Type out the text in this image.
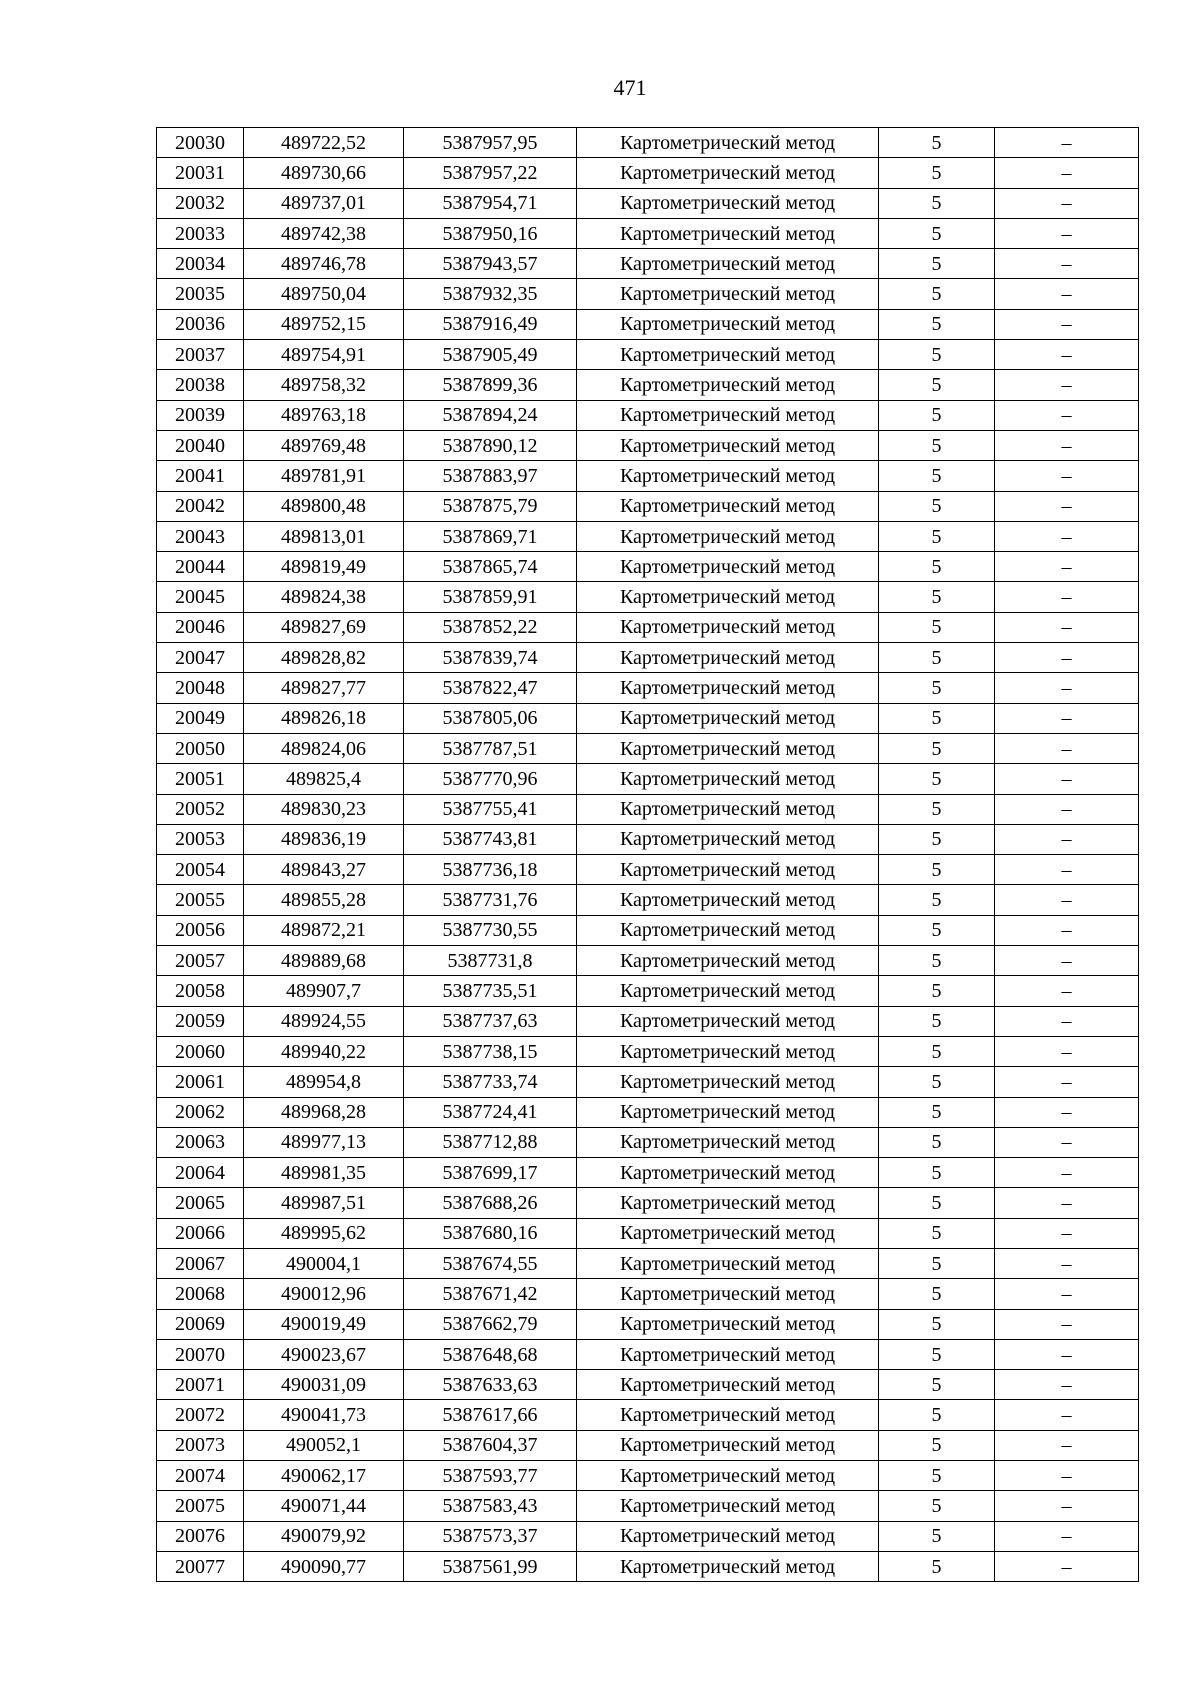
471
20030	489722,52	5387957,95	Картометрический метод	5	–
20031	489730,66	5387957,22	Картометрический метод	5	–
20032	489737,01	5387954,71	Картометрический метод	5	–
20033	489742,38	5387950,16	Картометрический метод	5	–
20034	489746,78	5387943,57	Картометрический метод	5	–
20035	489750,04	5387932,35	Картометрический метод	5	–
20036	489752,15	5387916,49	Картометрический метод	5	–
20037	489754,91	5387905,49	Картометрический метод	5	–
20038	489758,32	5387899,36	Картометрический метод	5	–
20039	489763,18	5387894,24	Картометрический метод	5	–
20040	489769,48	5387890,12	Картометрический метод	5	–
20041	489781,91	5387883,97	Картометрический метод	5	–
20042	489800,48	5387875,79	Картометрический метод	5	–
20043	489813,01	5387869,71	Картометрический метод	5	–
20044	489819,49	5387865,74	Картометрический метод	5	–
20045	489824,38	5387859,91	Картометрический метод	5	–
20046	489827,69	5387852,22	Картометрический метод	5	–
20047	489828,82	5387839,74	Картометрический метод	5	–
20048	489827,77	5387822,47	Картометрический метод	5	–
20049	489826,18	5387805,06	Картометрический метод	5	–
20050	489824,06	5387787,51	Картометрический метод	5	–
20051	489825,4	5387770,96	Картометрический метод	5	–
20052	489830,23	5387755,41	Картометрический метод	5	–
20053	489836,19	5387743,81	Картометрический метод	5	–
20054	489843,27	5387736,18	Картометрический метод	5	–
20055	489855,28	5387731,76	Картометрический метод	5	–
20056	489872,21	5387730,55	Картометрический метод	5	–
20057	489889,68	5387731,8	Картометрический метод	5	–
20058	489907,7	5387735,51	Картометрический метод	5	–
20059	489924,55	5387737,63	Картометрический метод	5	–
20060	489940,22	5387738,15	Картометрический метод	5	–
20061	489954,8	5387733,74	Картометрический метод	5	–
20062	489968,28	5387724,41	Картометрический метод	5	–
20063	489977,13	5387712,88	Картометрический метод	5	–
20064	489981,35	5387699,17	Картометрический метод	5	–
20065	489987,51	5387688,26	Картометрический метод	5	–
20066	489995,62	5387680,16	Картометрический метод	5	–
20067	490004,1	5387674,55	Картометрический метод	5	–
20068	490012,96	5387671,42	Картометрический метод	5	–
20069	490019,49	5387662,79	Картометрический метод	5	–
20070	490023,67	5387648,68	Картометрический метод	5	–
20071	490031,09	5387633,63	Картометрический метод	5	–
20072	490041,73	5387617,66	Картометрический метод	5	–
20073	490052,1	5387604,37	Картометрический метод	5	–
20074	490062,17	5387593,77	Картометрический метод	5	–
20075	490071,44	5387583,43	Картометрический метод	5	–
20076	490079,92	5387573,37	Картометрический метод	5	–
20077	490090,77	5387561,99	Картометрический метод	5	–
